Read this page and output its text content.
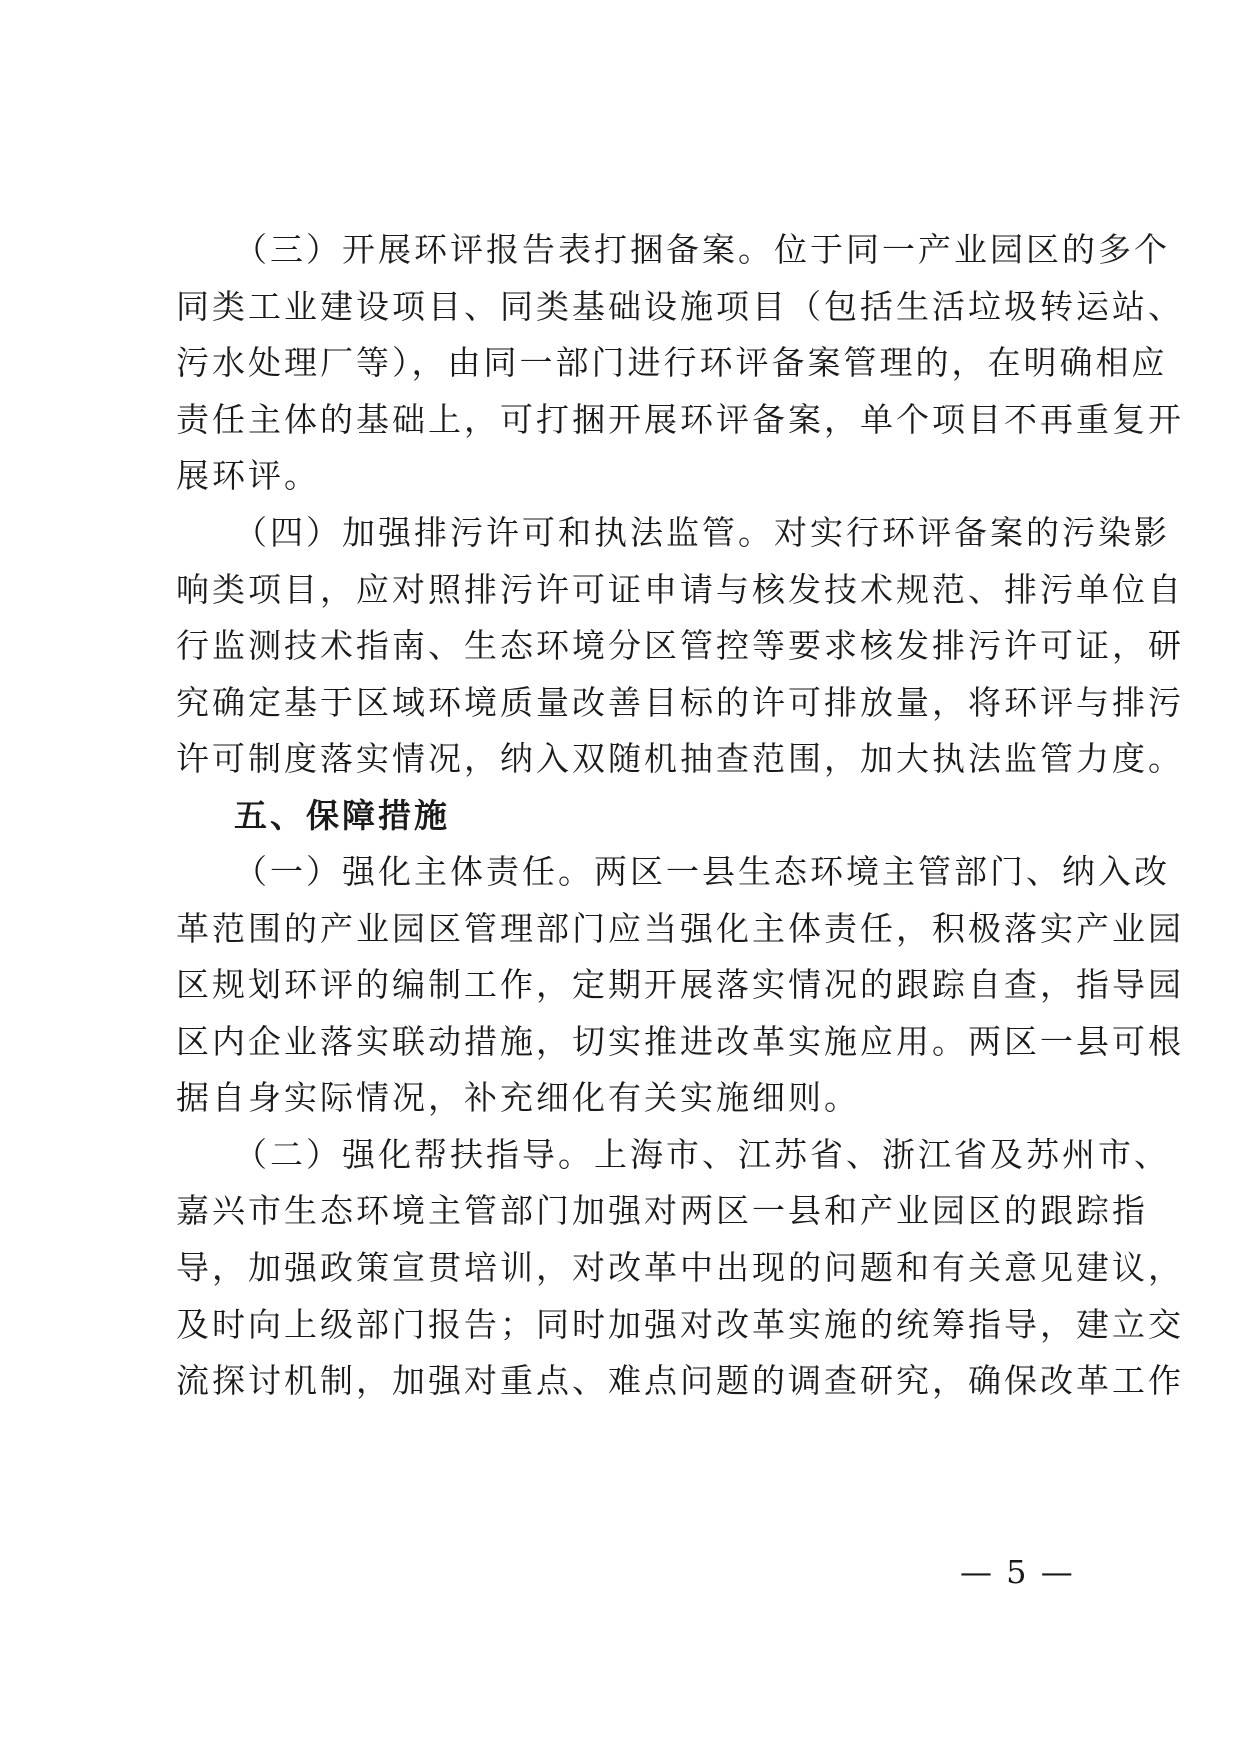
（三）开展环评报告表打捆备案。位于同一产业园区的多个
同类工业建设项目、同类基础设施项目（包括生活垃圾转运站、
污水处理厂等），由同一部门进行环评备案管理的，在明确相应
责任主体的基础上，可打捆开展环评备案，单个项目不再重复开
展环评。
（四）加强排污许可和执法监管。对实行环评备案的污染影
响类项目，应对照排污许可证申请与核发技术规范、排污单位自
行监测技术指南、生态环境分区管控等要求核发排污许可证，研
究确定基于区域环境质量改善目标的许可排放量，将环评与排污
许可制度落实情况，纳入双随机抽查范围，加大执法监管力度。
五、保障措施
（一）强化主体责任。两区一县生态环境主管部门、纳入改
革范围的产业园区管理部门应当强化主体责任，积极落实产业园
区规划环评的编制工作，定期开展落实情况的跟踪自查，指导园
区内企业落实联动措施，切实推进改革实施应用。两区一县可根
据自身实际情况，补充细化有关实施细则。
（二）强化帮扶指导。上海市、江苏省、浙江省及苏州市、
嘉兴市生态环境主管部门加强对两区一县和产业园区的跟踪指
导，加强政策宣贯培训，对改革中出现的问题和有关意见建议，
及时向上级部门报告；同时加强对改革实施的统筹指导，建立交
流探讨机制，加强对重点、难点问题的调查研究，确保改革工作
— 5 —
